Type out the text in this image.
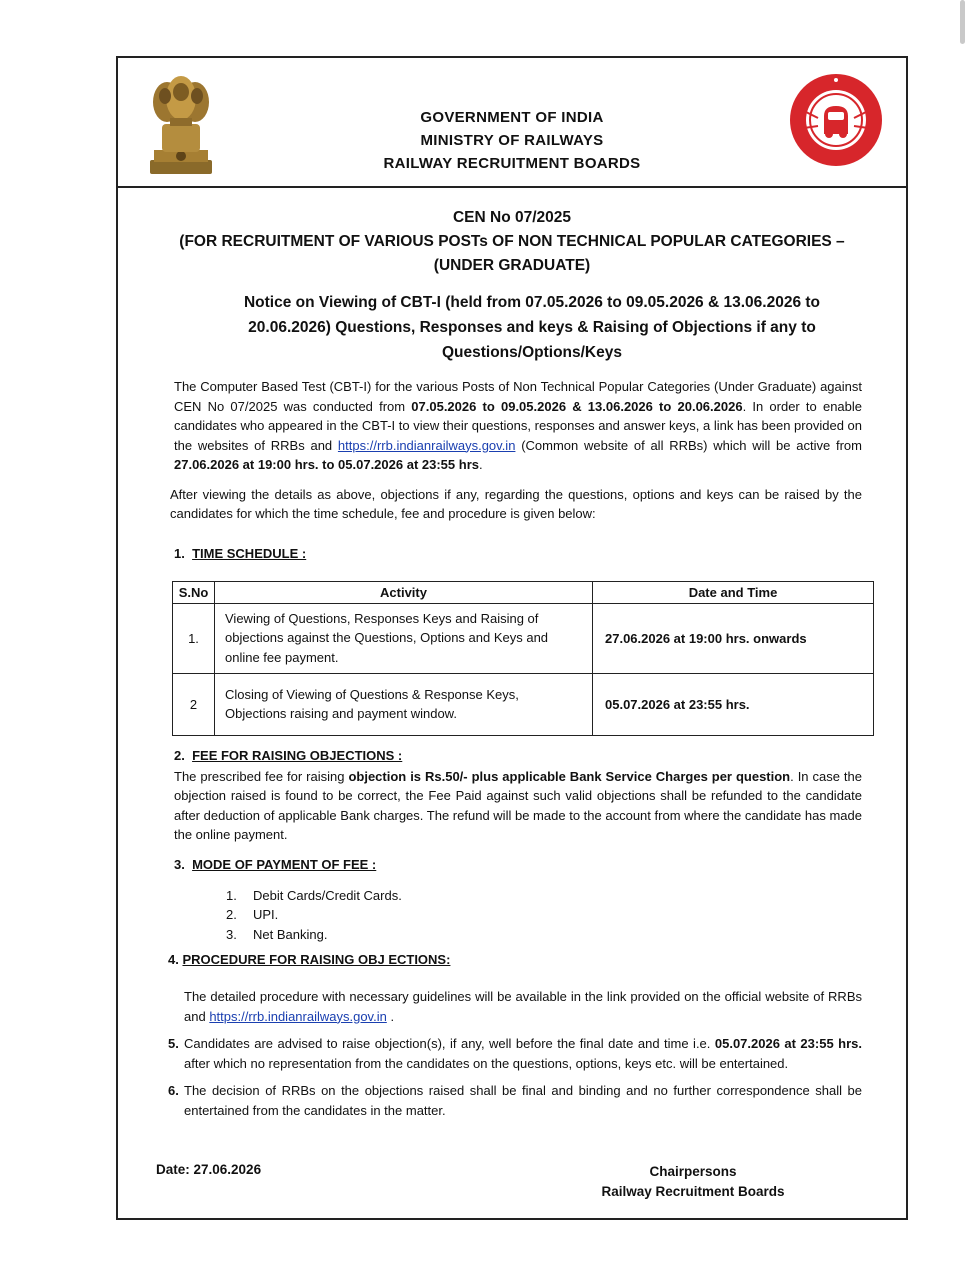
GOVERNMENT OF INDIA
MINISTRY OF RAILWAYS
RAILWAY RECRUITMENT BOARDS
CEN No 07/2025
(FOR RECRUITMENT OF VARIOUS POSTs OF NON TECHNICAL POPULAR CATEGORIES –
(UNDER GRADUATE)
Notice on Viewing of CBT-I (held from 07.05.2026 to 09.05.2026 & 13.06.2026 to 20.06.2026) Questions, Responses and keys & Raising of Objections if any to Questions/Options/Keys

The Computer Based Test (CBT-I) for the various Posts of Non Technical Popular Categories (Under Graduate) against CEN No 07/2025 was conducted from 07.05.2026 to 09.05.2026 & 13.06.2026 to 20.06.2026. In order to enable candidates who appeared in the CBT-I to view their questions, responses and answer keys, a link has been provided on the websites of RRBs and https://rrb.indianrailways.gov.in (Common website of all RRBs) which will be active from 27.06.2026 at 19:00 hrs. to 05.07.2026 at 23:55 hrs.

After viewing the details as above, objections if any, regarding the questions, options and keys can be raised by the candidates for which the time schedule, fee and procedure is given below:

1. TIME SCHEDULE :
S.No	Activity	Date and Time
1.	Viewing of Questions, Responses Keys and Raising of objections against the Questions, Options and Keys and online fee payment.	27.06.2026 at 19:00 hrs. onwards
2	Closing of Viewing of Questions & Response Keys, Objections raising and payment window.	05.07.2026 at 23:55 hrs.
2. FEE FOR RAISING OBJECTIONS :

The prescribed fee for raising objection is Rs.50/- plus applicable Bank Service Charges per question. In case the objection raised is found to be correct, the Fee Paid against such valid objections shall be refunded to the candidate after deduction of applicable Bank charges. The refund will be made to the account from where the candidate has made the online payment.

3. MODE OF PAYMENT OF FEE :
1. Debit Cards/Credit Cards.
2. UPI.
3. Net Banking.
4. PROCEDURE FOR RAISING OBJ ECTIONS:

The detailed procedure with necessary guidelines will be available in the link provided on the official website of RRBs and https://rrb.indianrailways.gov.in .

5. Candidates are advised to raise objection(s), if any, well before the final date and time i.e. 05.07.2026 at 23:55 hrs. after which no representation from the candidates on the questions, options, keys etc. will be entertained.
6. The decision of RRBs on the objections raised shall be final and binding and no further correspondence shall be entertained from the candidates in the matter.
Date: 27.06.2026	Chairpersons
Railway Recruitment Boards
